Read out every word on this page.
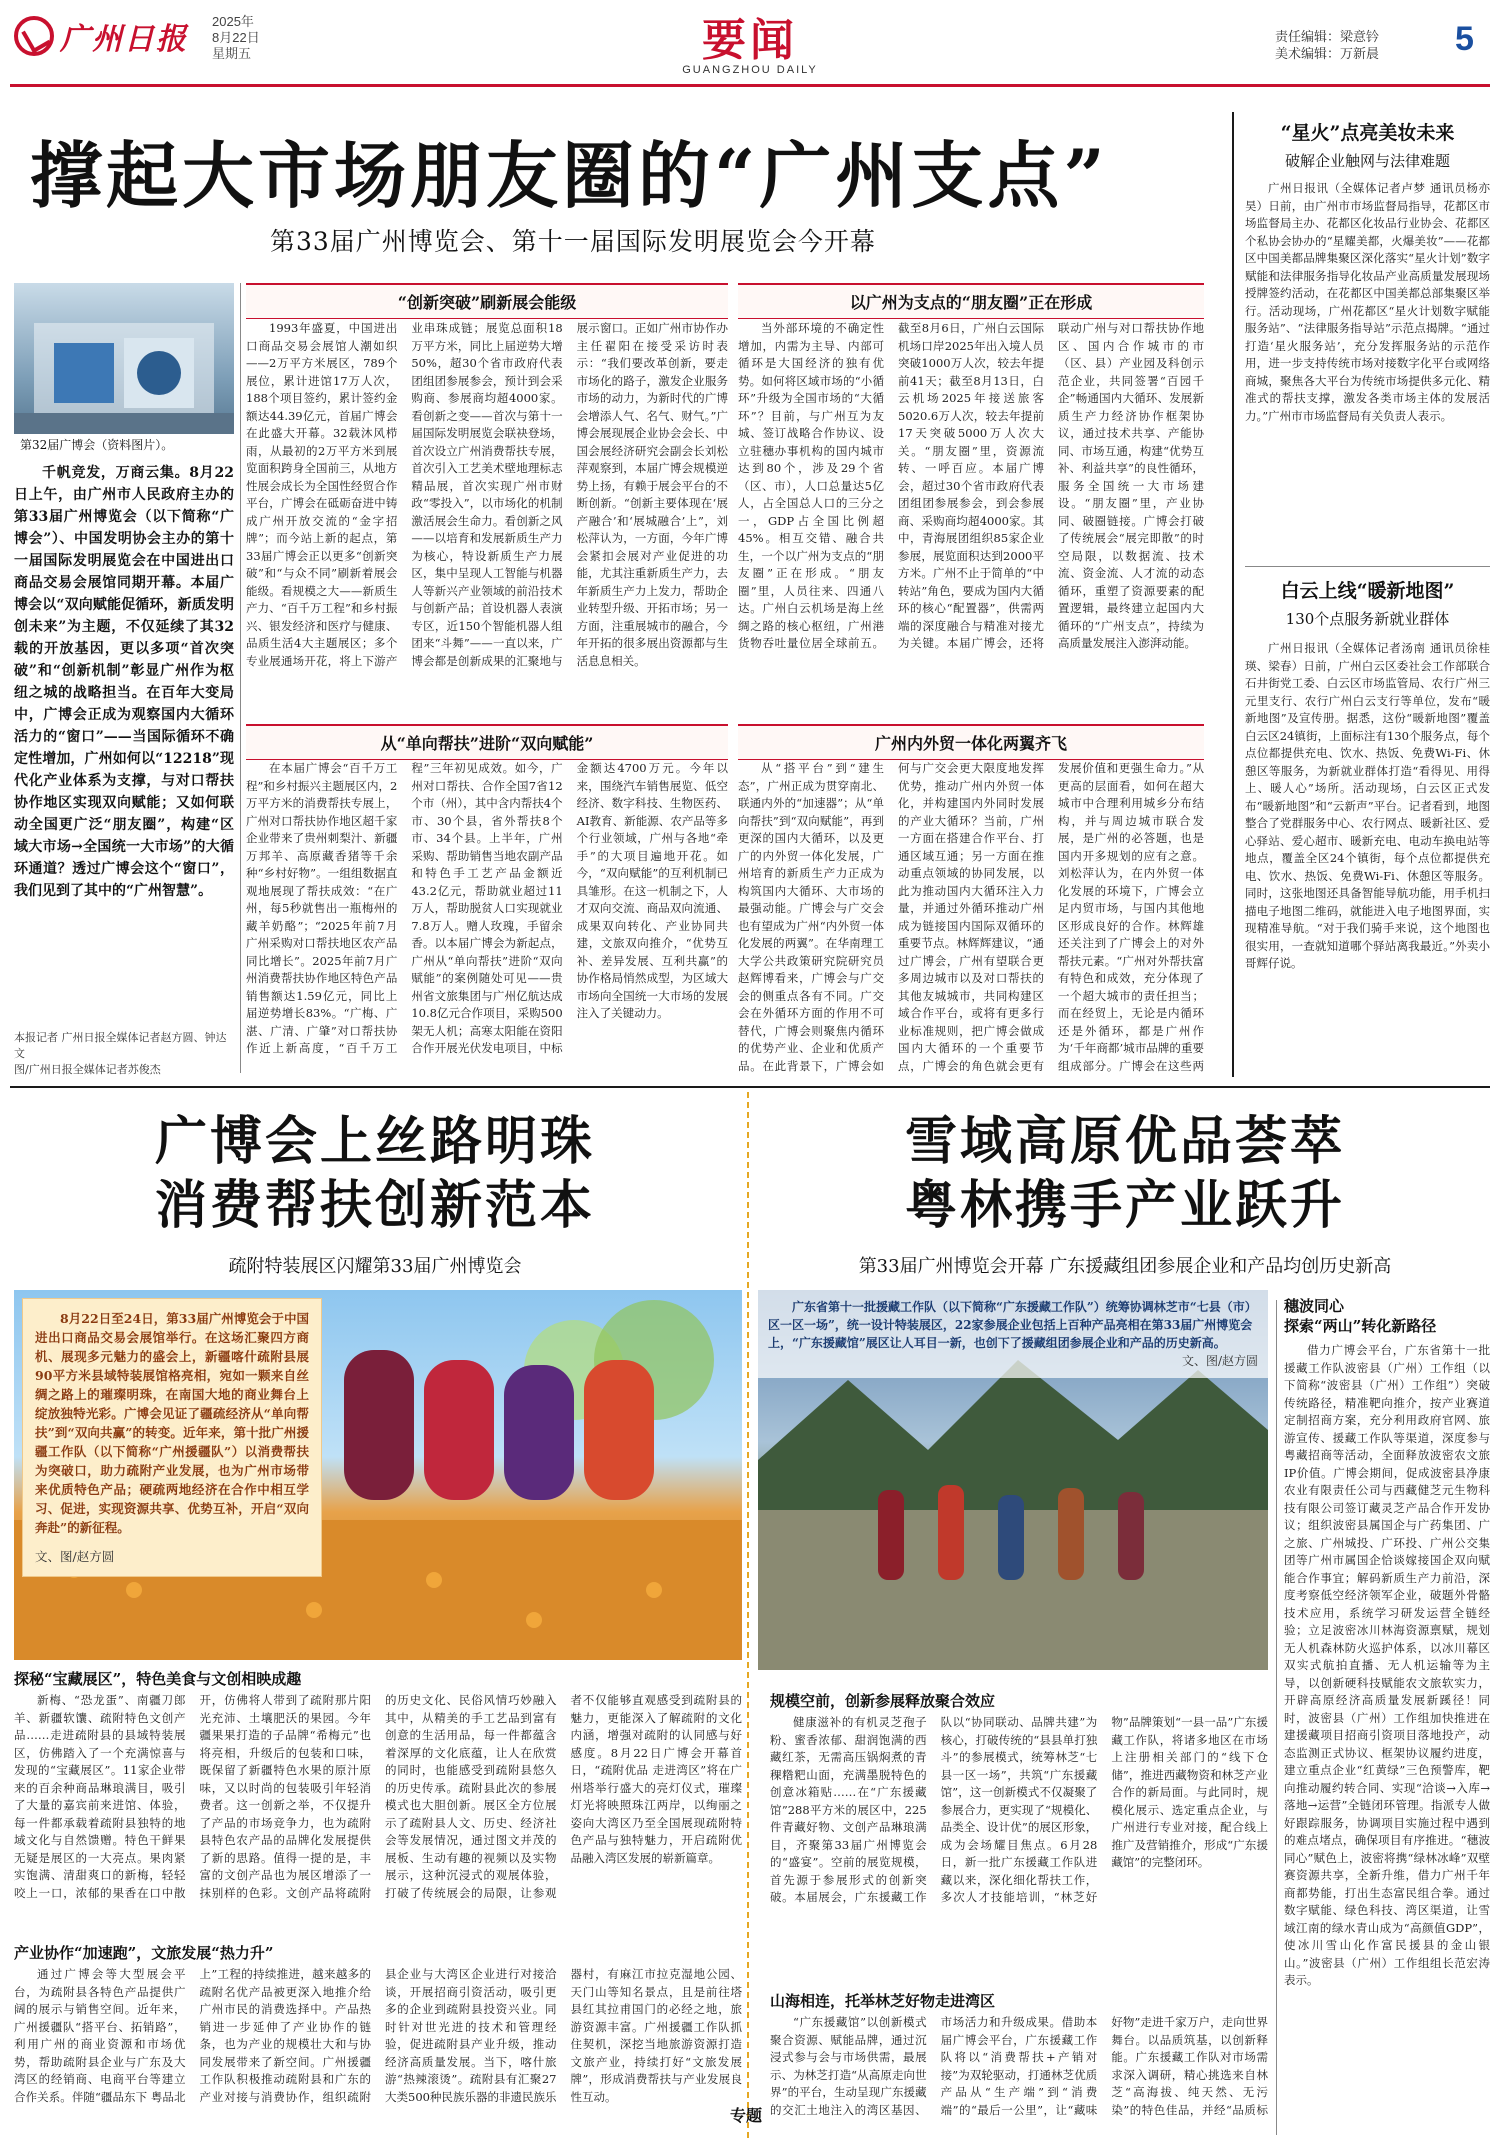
广州日报
2025年
8月22日
星期五	要闻
GUANGZHOU DAILY
责任编辑：梁意钤
美术编辑：万新晨 5
撑起大市场朋友圈的“广州支点”
第33届广州博览会、第十一届国际发明展览会今开幕
第32届广博会（资料图片）。
千帆竞发，万商云集。8月22日上午，由广州市人民政府主办的第33届广州博览会（以下简称“广博会”）、中国发明协会主办的第十一届国际发明展览会在中国进出口商品交易会展馆同期开幕。本届广博会以“双向赋能促循环，新质发明创未来”为主题，不仅延续了其32载的开放基因，更以多项“首次突破”和“创新机制”彰显广州作为枢纽之城的战略担当。在百年大变局中，广博会正成为观察国内大循环活力的“窗口”——当国际循环不确定性增加，广州如何以“12218”现代化产业体系为支撑，与对口帮扶协作地区实现双向赋能；又如何联动全国更广泛“朋友圈”，构建“区域大市场→全国统一大市场”的大循环通道？透过广博会这个“窗口”，我们见到了其中的“广州智慧”。
本报记者 广州日报全媒体记者赵方圆、钟达文
图/广州日报全媒体记者苏俊杰
“创新突破”刷新展会能级
1993年盛夏，中国进出口商品交易会展馆人潮如织——2万平方米展区，789个展位，累计进馆17万人次，188个项目签约，累计签约金额达44.39亿元，首届广博会在此盛大开幕。32载沐风栉雨，从最初的2万平方米到展览面积跨身全国前三，从地方性展会成长为全国性经贸合作平台，广博会在砥砺奋进中铸成广州开放交流的“金字招牌”；而今站上新的起点，第33届广博会正以更多“创新突破”和“与众不同”刷新着展会能级。看规模之大——新质生产力、“百千万工程”和乡村振兴、银发经济和医疗与健康、品质生活4大主题展区；多个专业展通场开花，将上下游产业串珠成链；展览总面积18万平方米，同比上届逆势大增50%，超30个省市政府代表团组团参展参会，预计到会采购商、参展商均超4000家。看创新之变——首次与第十一届国际发明展览会联袂登场，首次设立广州消费帮扶专展，首次引入工艺美术壁地理标志精品展，首次实现广州市财政“零投入”，以市场化的机制激活展会生命力。看创新之风——以培育和发展新质生产力为核心，特设新质生产力展区，集中呈现人工智能与机器人等新兴产业领域的前沿技术与创新产品；首设机器人表演专区，近150个智能机器人组团来“斗舞”——一直以来，广博会都是创新成果的汇聚地与展示窗口。正如广州市协作办主任翟阳在接受采访时表示：“我们要改革创新，要走市场化的路子，激发企业服务市场的动力，为新时代的广博会增添人气、名气、财气。”广博会展现展企业协会会长、中国会展经济研究会副会长刘松萍观察到，本届广博会规模逆势上扬，有赖于展会平台的不断创新。“创新主要体现在‘展产融合’和‘展城融合’上”，刘松萍认为，一方面，今年广博会紧扣会展对产业促进的功能，尤其注重新质生产力，去年新质生产力上发力，帮助企业转型升级、开拓市场；另一方面，注重展城市的融合，今年开拓的很多展出资源都与生活息息相关。
以广州为支点的“朋友圈”正在形成
当外部环境的不确定性增加，内需为主导、内部可循环是大国经济的独有优势。如何将区域市场的“小循环”升级为全国市场的“大循环”？目前，与广州互为友城、签订战略合作协议、设立驻穗办事机构的国内城市达到80个，涉及29个省（区、市），人口总量达5亿人，占全国总人口的三分之一，GDP占全国比例超45%。相互交错、融合共生，一个以广州为支点的“朋友圈”正在形成。“朋友圈”里，人员往来、四通八达。广州白云机场是海上丝绸之路的核心枢纽，广州港货物吞吐量位居全球前五。截至8月6日，广州白云国际机场口岸2025年出入境人员突破1000万人次，较去年提前41天；截至8月13日，白云机场2025年接送旅客5020.6万人次，较去年提前17天突破5000万人次大关。“朋友圈”里，资源流转、一呼百应。本届广博会，超过30个省市政府代表团组团参展参会，到会参展商、采购商均超4000家。其中，青海展团组织85家企业参展，展览面积达到2000平方米。广州不止于简单的“中转站”角色，要成为国内大循环的核心“配置器”，供需两端的深度融合与精准对接尤为关键。本届广博会，还将联动广州与对口帮扶协作地区、国内合作城市的市（区、县）产业园及科创示范企业，共同签署“百园千企”畅通国内大循环、发展新质生产力经济协作框架协议，通过技术共享、产能协同、市场互通，构建“优势互补、利益共享”的良性循环，服务全国统一大市场建设。“朋友圈”里，产业协同、破圈链接。广博会打破了传统展会“展完即散”的时空局限，以数据流、技术流、资金流、人才流的动态循环，重塑了资源要素的配置逻辑，最终建立起国内大循环的“广州支点”，持续为高质量发展注入澎湃动能。
从“单向帮扶”进阶“双向赋能”
在本届广博会“百千万工程”和乡村振兴主题展区内，2万平方米的消费帮扶专展上，广州对口帮扶协作地区超千家企业带来了贵州刺梨汁、新疆万邦羊、高原藏香猪等千余种“乡村好物”。一组组数据直观地展现了帮扶成效：“在广州，每5秒就售出一瓶梅州的藏羊奶酪”；“2025年前7月广州采购对口帮扶地区农产品同比增长”。2025年前7月广州消费帮扶协作地区特色产品销售额达1.59亿元，同比上届逆势增长83%。“广梅、广湛、广清、广肇”对口帮扶协作近上新高度，“百千万工程”三年初见成效。如今，广州对口帮扶、合作全国7省12个市（州），其中含内帮扶4个市、30个县，省外帮扶8个市、34个县。上半年，广州采购、帮助销售当地农副产品和特色手工艺产品金额近43.2亿元，帮助就业超过11万人，帮助脱贫人口实现就业7.8万人。赠人玫瑰，手留余香。以本届广博会为新起点，广州从“单向帮扶”进阶“双向赋能”的案例随处可见——贵州省文旅集团与广州亿航达成10.8亿元合作项目，采购500架无人机；高寒太阳能在资阳合作开展光伏发电项目，中标金额达4700万元。今年以来，围绕汽车销售展览、低空经济、数字科技、生物医药、AI教育、新能源、农产品等多个行业领域，广州与各地“牵手”的大项目遍地开花。如今，“双向赋能”的互利机制已具雏形。在这一机制之下，人才双向交流、商品双向流通、成果双向转化、产业协同共建，文旅双向推介，“优势互补、差异发展、互利共赢”的协作格局悄然成型，为区域大市场向全国统一大市场的发展注入了关键动力。
广州内外贸一体化两翼齐飞
从“搭平台”到“建生态”，广州正成为贯穿南北、联通内外的“加速器”；从“单向帮扶”到“双向赋能”，再到更深的国内大循环，以及更广的内外贸一体化发展，广州培育的新质生产力正成为构筑国内大循环、大市场的最强动能。广博会与广交会也有望成为广州“内外贸一体化发展的两翼”。在华南理工大学公共政策研究院研究员赵辉博看来，广博会与广交会的侧重点各有不同。广交会在外循环方面的作用不可替代，广博会则聚焦内循环的优势产业、企业和优质产品。在此背景下，广博会如何与广交会更大限度地发挥优势，推动广州内外贸一体化，并构建国内外同时发展的产业大循环？当前，广州一方面在搭建合作平台、打通区域互通；另一方面在推动重点领域的协同发展，以此为推动国内大循环注入力量，并通过外循环推动广州成为链接国内国际双循环的重要节点。林辉辉建议，“通过广博会，广州有望联合更多周边城市以及对口帮扶的其他友城城市，共同构建区域合作平台，或将有更多行业标准规则，把广博会做成国内大循环的一个重要节点，广博会的角色就会更有发展价值和更强生命力。”从更高的层面看，如何在超大城市中合理利用城乡分布结构，并与周边城市联合发展，是广州的必答题，也是国内开多规划的应有之意。刘松萍认为，在内外贸一体化发展的环境下，广博会立足内贸市场，与国内其他地区形成良好的合作。林辉雄还关注到了广博会上的对外帮扶元素。“广州对外帮扶富有特色和成效，充分体现了一个超大城市的责任担当；而在经贸上，无论是内循环还是外循环，都是广州作为‘千年商都’城市品牌的重要组成部分。广博会在这些两
“星火”点亮美妆未来
破解企业触网与法律难题
广州日报讯（全媒体记者卢梦 通讯员杨亦昊）日前，由广州市市场监督局指导，花都区市场监督局主办、花都区化妆品行业协会、花都区个私协会协办的“星耀美都，火爆美妆”——花都区中国美都品牌集聚区深化落实“星火计划”数字赋能和法律服务指导化妆品产业高质量发展现场授牌签约活动，在花都区中国美都总部集聚区举行。活动现场，广州花都区“星火计划数字赋能服务站”、“法律服务指导站”示范点揭牌。“通过打造‘星火服务站’，充分发挥服务站的示范作用，进一步支持传统市场对接数字化平台或网络商城，聚焦各大平台为传统市场提供多元化、精准式的帮扶支撑，激发各类市场主体的发展活力。”广州市市场监督局有关负责人表示。
白云上线“暖新地图”
130个点服务新就业群体
广州日报讯（全媒体记者汤南 通讯员徐桂瑛、梁春）日前，广州白云区委社会工作部联合石井街党工委、白云区市场监管局、农行广州三元里支行、农行广州白云支行等单位，发布“暖新地图”及宣传册。据悉，这份“暖新地图”覆盖白云区24镇街，上面标注有130个服务点，每个点位都提供充电、饮水、热饭、免费Wi-Fi、休憩区等服务，为新就业群体打造“看得见、用得上、暖人心”场所。活动现场，白云区正式发布“暖新地图”和“云新声”平台。记者看到，地图整合了党群服务中心、农行网点、暖新社区、爱心驿站、爱心超市、暖新充电、电动车换电站等地点，覆盖全区24个镇街，每个点位都提供充电、饮水、热饭、免费Wi-Fi、休憩区等服务。同时，这张地图还具备智能导航功能，用手机扫描电子地图二维码，就能进入电子地图界面，实现精准导航。“对于我们骑手来说，这个地图也很实用，一查就知道哪个驿站离我最近。”外卖小哥辉仔说。
广博会上丝路明珠
消费帮扶创新范本
疏附特装展区闪耀第33届广州博览会
8月22日至24日，第33届广州博览会于中国进出口商品交易会展馆举行。在这场汇聚四方商机、展现多元魅力的盛会上，新疆喀什疏附县展90平方米县域特装展馆格亮相，宛如一颗来自丝绸之路上的璀璨明珠，在南国大地的商业舞台上绽放独特光彩。广博会见证了疆疏经济从“单向帮扶”到“双向共赢”的转变。近年来，第十批广州援疆工作队（以下简称“广州援疆队”）以消费帮扶为突破口，助力疏附产业发展，也为广州市场带来优质特色产品；硬疏两地经济在合作中相互学习、促进，实现资源共享、优势互补，开启“双向奔赴”的新征程。
文、图/赵方圆
探秘“宝藏展区”，特色美食与文创相映成趣
新梅、“恐龙蛋”、南疆刀郎羊、新疆软馕、疏附特色文创产品……走进疏附县的县域特装展区，仿佛踏入了一个充满惊喜与发现的“宝藏展区”。11家企业带来的百余种商品琳琅满目，吸引了大量的嘉宾前来进馆、体验，每一件都承载着疏附县独特的地域文化与自然馈赠。特色干鲜果无疑是展区的一大亮点。果肉紧实饱满、清甜爽口的新梅，轻轻咬上一口，浓郁的果香在口中散开，仿佛将人带到了疏附那片阳光充沛、土壤肥沃的果园。今年疆果果打造的子品牌“希梅元”也将亮相，升级后的包装和口味，既保留了新疆特色水果的原汁原味，又以时尚的包装吸引年轻消费者。这一创新之举，不仅提升了产品的市场竞争力，也为疏附县特色农产品的品牌化发展提供了新的思路。值得一提的是，丰富的文创产品也为展区增添了一抹别样的色彩。文创产品将疏附的历史文化、民俗风情巧妙融入其中，从精美的手工艺品到富有创意的生活用品，每一件都蕴含着深厚的文化底蕴，让人在欣赏的同时，也能感受到疏附县悠久的历史传承。疏附县此次的参展模式也大胆创新。展区全方位展示了疏附县人文、历史、经济社会等发展情况，通过图文并茂的展板、生动有趣的视频以及实物展示，这种沉浸式的观展体验，打破了传统展会的局限，让参观者不仅能够直观感受到疏附县的魅力，更能深入了解疏附的文化内涵，增强对疏附的认同感与好感度。8月22日广博会开幕首日，“疏附优品 走进湾区”将在广州塔举行盛大的亮灯仪式，璀璨灯光将映照珠江两岸，以绚丽之姿向大湾区乃至全国展现疏附特色产品与独特魅力，开启疏附优品融入湾区发展的崭新篇章。
产业协作“加速跑”，文旅发展“热力升”
通过广博会等大型展会平台，为疏附县各特色产品提供广阔的展示与销售空间。近年来，广州援疆队“搭平台、拓销路”，利用广州的商业资源和市场优势，帮助疏附县企业与广东及大湾区的经销商、电商平台等建立合作关系。伴随“疆品东下 粤品北上”工程的持续推进，越来越多的疏附名优产品被更深入地推介给广州市民的消费选择中。产品热销进一步延伸了产业协作的链条，也为产业的规模壮大和与协同发展带来了新空间。广州援疆工作队积极推动疏附县和广东的产业对接与消费协作，组织疏附县企业与大湾区企业进行对接洽谈，开展招商引资活动，吸引更多的企业到疏附县投资兴业。同时针对世光进的技术和管理经验，促进疏附县产业升级，推动经济高质量发展。当下，喀什旅游“热辣滚烫”。疏附县有汇聚27大类500种民族乐器的非遗民族乐器村，有麻江市拉克湿地公园、天门山等知名景点，且是前往塔县红其拉甫国门的必经之地，旅游资源丰富。广州援疆工作队抓住契机，深挖当地旅游资源打造文旅产业，持续打好“文旅发展牌”，形成消费帮扶与产业发展良性互动。
雪域高原优品荟萃
粤林携手产业跃升
第33届广州博览会开幕 广东援藏组团参展企业和产品均创历史新高
广东省第十一批援藏工作队（以下简称“广东援藏工作队”）统筹协调林芝市“七县（市）区一区一场”，统一设计特装展区，22家参展企业包括上百种产品亮相在第33届广州博览会上，“广东援藏馆”展区让人耳目一新，也创下了援藏组团参展企业和产品的历史新高。
文、图/赵方圆
规模空前，创新参展释放聚合效应
健康滋补的有机灵芝孢子粉、蜜香浓郁、甜润饱满的西藏红茶，无需高压锅焖煮的青稞糌粑山面，充满墨脱特色的创意冰箱贴……在“广东援藏馆”288平方米的展区中，225件青藏好物、文创产品琳琅满目，齐聚第33届广州博览会的“盛宴”。空前的展览规模，首先源于参展形式的创新突破。本届展会，广东援藏工作队以“协同联动、品牌共建”为核心，打破传统的“县县单打独斗”的参展模式，统筹林芝“七县一区一场”，共筑“广东援藏馆”，这一创新模式不仅凝聚了参展合力，更实现了“规模化、品类全、设计优”的展区形象，成为会场耀目焦点。6月28日，新一批广东援藏工作队进藏以来，深化细化帮扶工作，多次人才技能培训，“林芝好物”品牌策划“一县一品”广东援藏工作队，将诸多地区在市场上注册相关部门的“线下仓储”，推进西藏物资和林芝产业合作的新局面。与此同时，规模化展示、选定重点企业，与广州进行专业对接，配合线上推广及营销推介，形成“广东援藏馆”的完整闭环。
山海相连，托举林芝好物走进湾区
“广东援藏馆”以创新模式聚合资源、赋能品牌，通过沉浸式参与会与市场供需，最展示、为林芝打造“从高原走向世界”的平台，生动呈现广东援藏的交汇土地注入的湾区基因、市场活力和升级成果。借助本届广博会平台，广东援藏工作队将以“消费帮扶+产销对接”为双轮驱动，打通林芝优质产品从“生产端”到“消费端”的“最后一公里”，让“藏味好物”走进千家万户，走向世界舞台。以品质筑基，以创新释能。广东援藏工作队对市场需求深入调研，精心挑选来自林芝“高海拔、纯天然、无污染”的特色佳品，并经“品质标
穗波同心
探索“两山”转化新路径
借力广博会平台，广东省第十一批援藏工作队波密县（广州）工作组（以下简称“波密县（广州）工作组”）突破传统路径，精准靶向推介，按产业赛道定制招商方案，充分利用政府官网、旅游宣传、援藏工作队等渠道，深度参与粤藏招商等活动，全面释放波密农文旅IP价值。广博会期间，促成波密县净康农业有限责任公司与西藏健芝元生物科技有限公司签订藏灵芝产品合作开发协议；组织波密县属国企与广药集团、广之旅、广州城投、广环投、广州公交集团等广州市属国企恰谈嫁接国企双向赋能合作事宜；解码新质生产力前沿，深度考察低空经济领军企业，破题外骨骼技术应用，系统学习研发运营全链经验；立足波密冰川林海资源禀赋，规划无人机森林防火巡护体系，以冰川幕区双实式航拍直播、无人机运输等为主导，以创新硬科技赋能农文旅软实力，开辟高原经济高质量发展新蹊径！同时，波密县（广州）工作组加快推进在建援藏项目招商引资项目落地投产，动态监测正式协议、框架协议履约进度，建立重点企业“红黄绿”三色预警库，靶向推动履约转合同、实现“洽谈→入库→落地→运营”全链闭环管理。指派专人做好跟踪服务，协调项目实施过程中遇到的难点堵点，确保项目有序推进。“穗波同心”赋色上，波密将携“绿林冰峰”双壁赛资源共享，全新升维，借力广州千年商都势能，打出生态富民组合拳。通过数字赋能、绿色科技、湾区渠道，让雪域江南的绿水青山成为“高颜值GDP”，使冰川雪山化作富民援县的金山银山。”波密县（广州）工作组组长范宏涛表示。
专题
